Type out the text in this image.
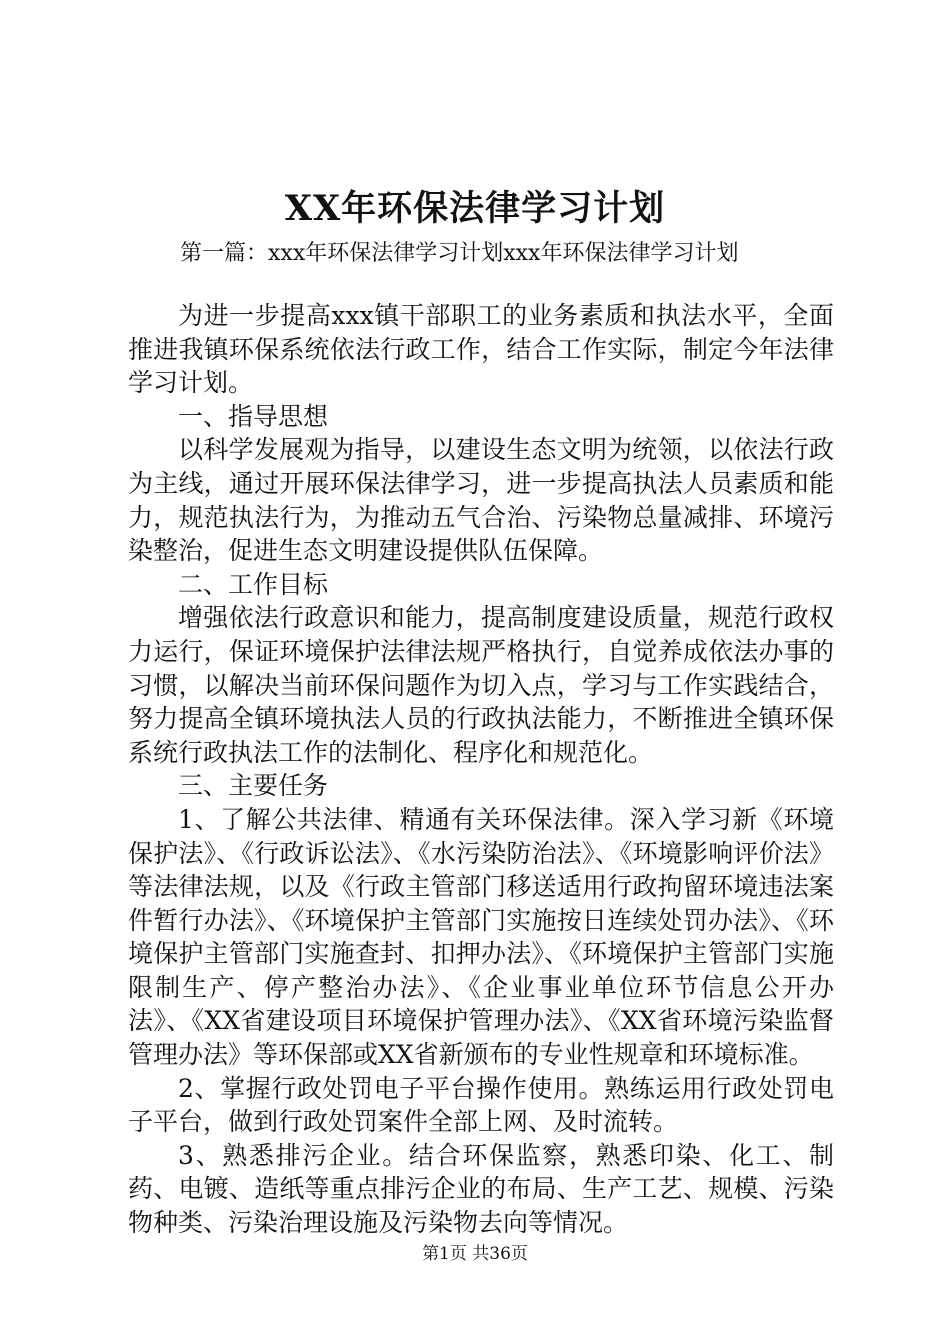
XX年环保法律学习计划

第一篇：xxx年环保法律学习计划xxx年环保法律学习计划

为进一步提高xxx镇干部职工的业务素质和执法水平，全面推进我镇环保系统依法行政工作，结合工作实际，制定今年法律学习计划。

一、指导思想

以科学发展观为指导，以建设生态文明为统领，以依法行政为主线，通过开展环保法律学习，进一步提高执法人员素质和能力，规范执法行为，为推动五气合治、污染物总量减排、环境污染整治，促进生态文明建设提供队伍保障。

二、工作目标

增强依法行政意识和能力，提高制度建设质量，规范行政权力运行，保证环境保护法律法规严格执行，自觉养成依法办事的习惯，以解决当前环保问题作为切入点，学习与工作实践结合，努力提高全镇环境执法人员的行政执法能力，不断推进全镇环保系统行政执法工作的法制化、程序化和规范化。

三、主要任务

1、了解公共法律、精通有关环保法律。深入学习新《环境保护法》、《行政诉讼法》、《水污染防治法》、《环境影响评价法》等法律法规，以及《行政主管部门移送适用行政拘留环境违法案件暂行办法》、《环境保护主管部门实施按日连续处罚办法》、《环境保护主管部门实施查封、扣押办法》、《环境保护主管部门实施限制生产、停产整治办法》、《企业事业单位环节信息公开办法》、《XX省建设项目环境保护管理办法》、《XX省环境污染监督管理办法》等环保部或XX省新颁布的专业性规章和环境标准。

2、掌握行政处罚电子平台操作使用。熟练运用行政处罚电子平台，做到行政处罚案件全部上网、及时流转。

3、熟悉排污企业。结合环保监察，熟悉印染、化工、制药、电镀、造纸等重点排污企业的布局、生产工艺、规模、污染物种类、污染治理设施及污染物去向等情况。

第1页 共36页
